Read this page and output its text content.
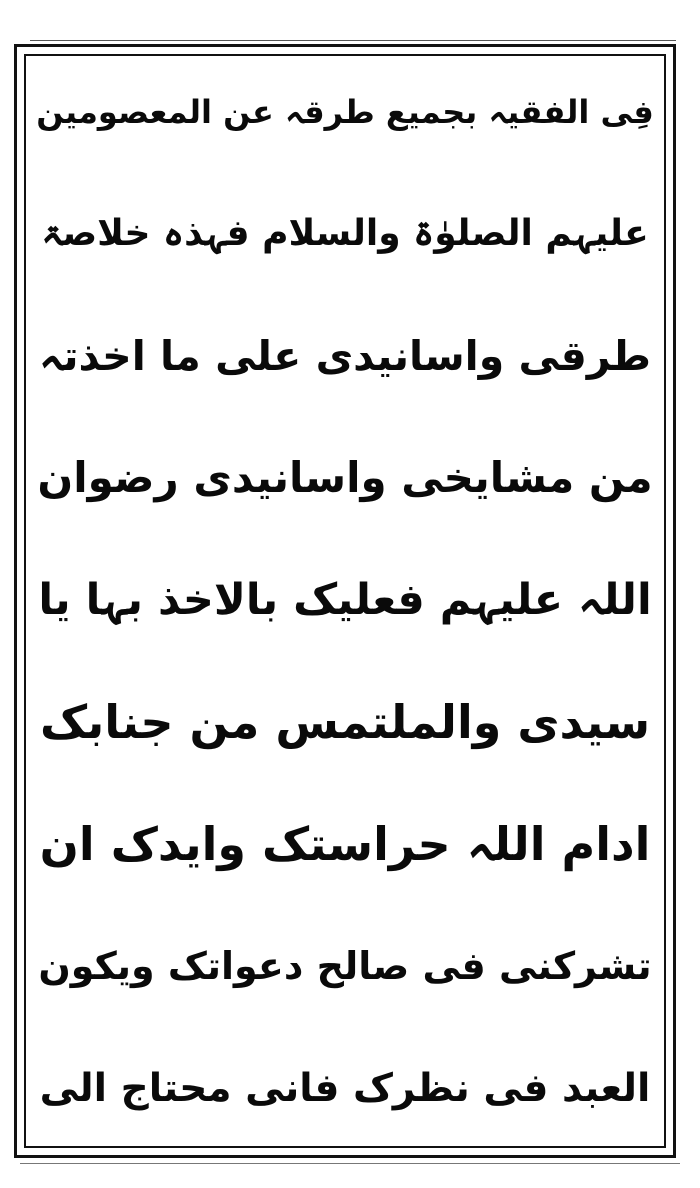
فِی الفقیہ بجمیع طرقہ عن المعصومین
علیہم الصلوٰۃ والسلام فہذہ خلاصۃ
طرقی واسانیدی علی ما اخذتہ
من مشایخی واسانیدی رضوان
اللہ علیہم فعلیک بالاخذ بہا یا
سیدی والملتمس من جنابک
ادام اللہ حراستک وایدک ان
تشرکنی فی صالح دعواتک ویکون
العبد فی نظرک فانی محتاج الی
